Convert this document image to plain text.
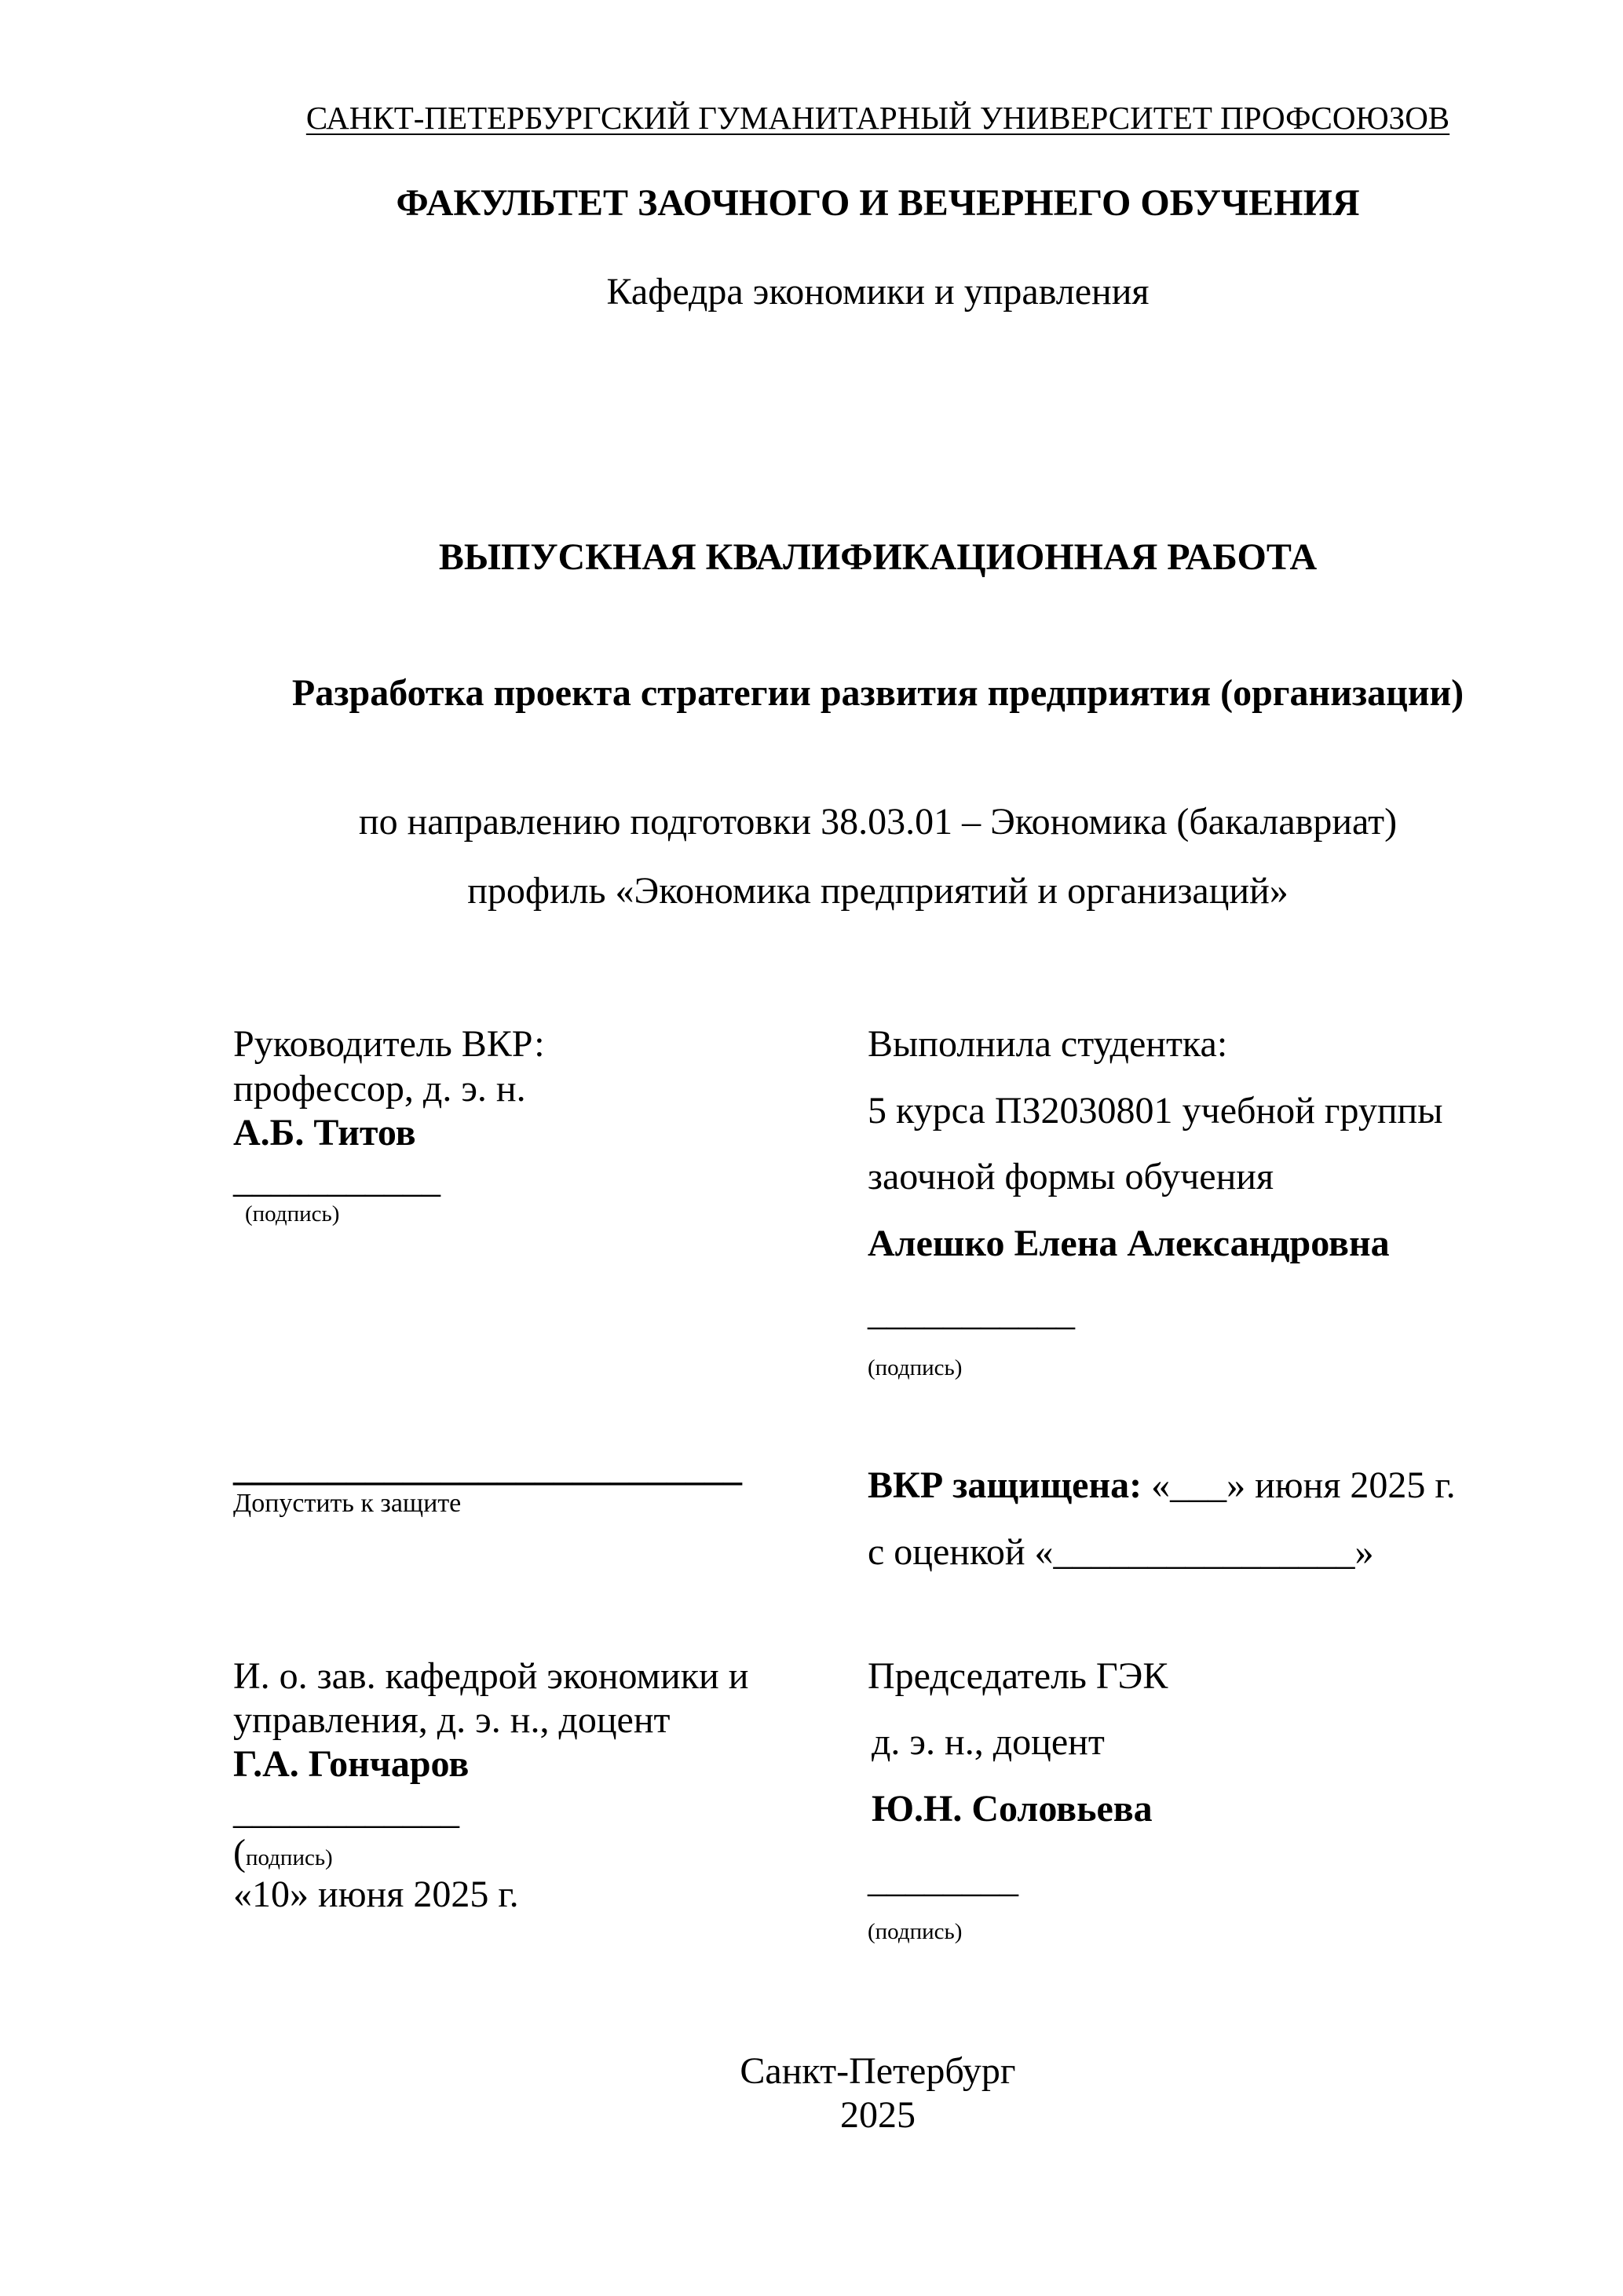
САНКТ-ПЕТЕРБУРГСКИЙ ГУМАНИТАРНЫЙ УНИВЕРСИТЕТ ПРОФСОЮЗОВ
ФАКУЛЬТЕТ ЗАОЧНОГО И ВЕЧЕРНЕГО ОБУЧЕНИЯ
Кафедра экономики и управления
ВЫПУСКНАЯ КВАЛИФИКАЦИОННАЯ РАБОТА
Разработка проекта стратегии развития предприятия (организации)
по направлению подготовки 38.03.01 – Экономика (бакалавриат)
профиль «Экономика предприятий и организаций»
Руководитель ВКР:
профессор, д. э. н.
А.Б. Титов
___________
(подпись)
Выполнила студентка:
5 курса ПЗ2030801 учебной группы
заочной формы обучения
Алешко Елена Александровна
___________
(подпись)
___________________________
Допустить к защите	ВКР защищена: «___» июня 2025 г.
с оценкой «________________»
И. о. зав. кафедрой экономики и
управления, д. э. н., доцент
Г.А. Гончаров
____________
(подпись)
«10» июня 2025 г.
Председатель ГЭК
д. э. н., доцент
Ю.Н. Соловьева
________
(подпись)
Санкт-Петербург
2025
